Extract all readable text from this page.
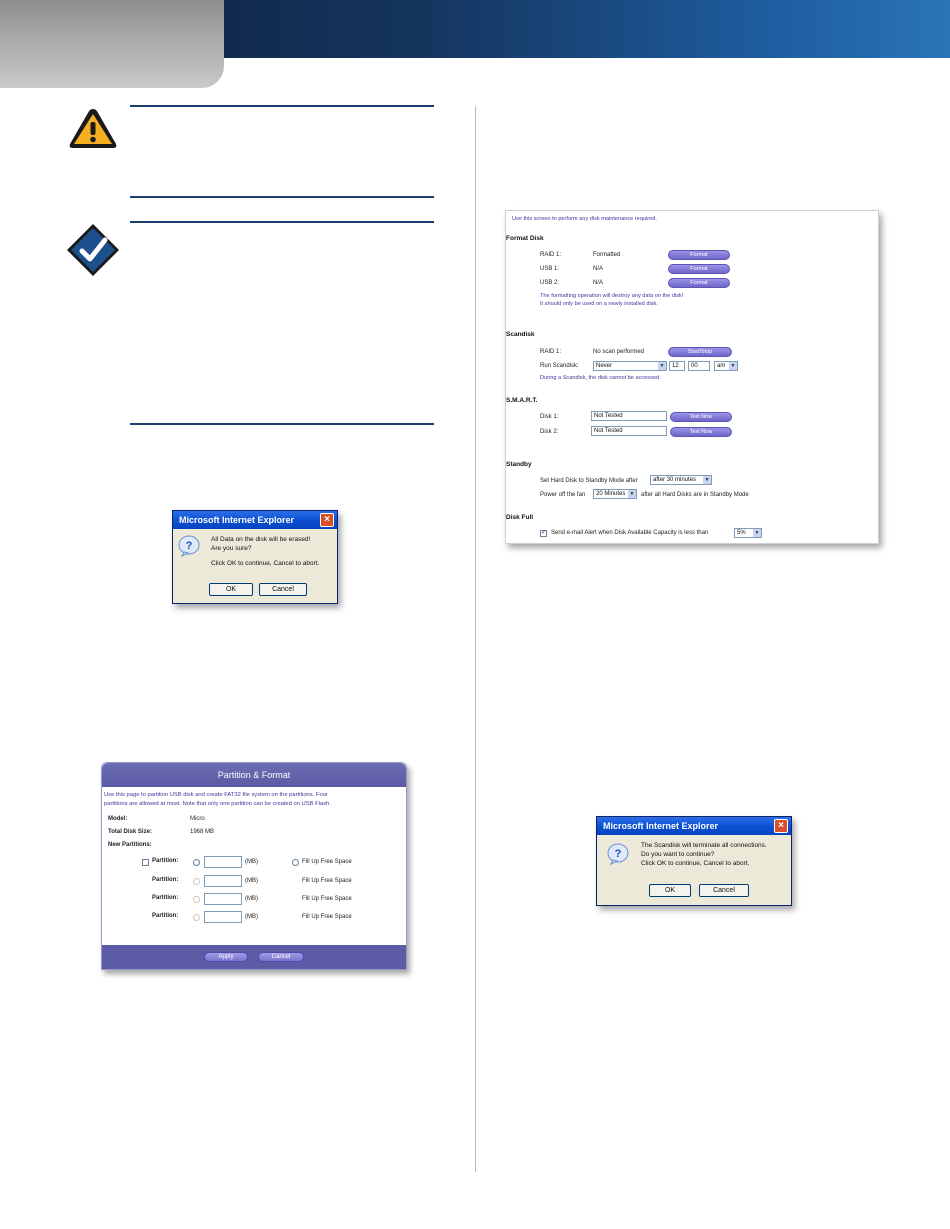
Microsoft Internet Explorer	×
?
All Data on the disk will be erased!
Are you sure?
Click OK to continue, Cancel to abort.
OK	Cancel
Partition & Format
Use this page to partition USB disk and create FAT32 file system on the partitions. Four
partitions are allowed at most. Note that only one partition can be created on USB Flash.
Model:	Micro
Total Disk Size:	1968 MB
New Partitions:
Partition:	(MB)	Fill Up Free Space
Partition:	(MB)	Fill Up Free Space
Partition:	(MB)	Fill Up Free Space
Partition:	(MB)	Fill Up Free Space
Apply	Cancel
Use this screen to perform any disk maintenance required.
Format Disk
RAID 1:	Formatted	Format
USB 1:	N/A	Format
USB 2:	N/A	Format
The formatting operation will destroy any data on the disk!
It should only be used on a newly installed disk.
Scandisk
RAID 1:	No scan performed	Start/Stop
Run Scandisk:	Never	▼	12	00	am	▼
During a Scandisk, the disk cannot be accessed.
S.M.A.R.T.
Disk 1:	Not Tested	Test Now
Disk 2:	Not Tested	Test Now
Standby
Set Hard Disk to Standby Mode after	after 30 minutes	▼
Power off the fan	20 Minutes ▼ after all Hard Disks are in Standby Mode
Disk Full
✓ Send e-mail Alert when Disk Available Capacity is less than	5%	▼
Microsoft Internet Explorer	×
?
The Scandisk will terminate all connections.
Do you want to continue?
Click OK to continue, Cancel to abort.
OK	Cancel
